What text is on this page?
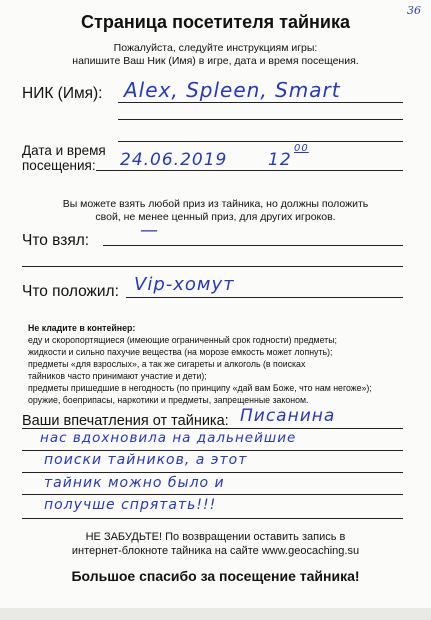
36
Страница посетителя тайника
Пожалуйста, следуйте инструкциям игры:
напишите Ваш Ник (Имя) в игре, дата и время посещения.
НИК (Имя): Alex, Spleen, Smart
Дата и время
посещения: 24.06.2019 12
00
Вы можете взять любой приз из тайника, но должны положить
свой, не менее ценный приз, для других игроков.
Что взял:	—
Что положил: Vip-хомут
Не кладите в контейнер:
еду и скоропортящиеся (имеющие ограниченный срок годности) предметы;
жидкости и сильно пахучие вещества (на морозе емкость может лопнуть);
предметы «для взрослых», а так же сигареты и алкоголь (в поисках
тайников часто принимают участие и дети);
предметы пришедшие в негодность (по принципу «дай вам Боже, что нам негоже»);
оружие, боеприпасы, наркотики и предметы, запрещенные законом.
Ваши впечатления от тайника: Писанина
нас вдохновила на дальнейшие
поиски тайников, а этот
тайник можно было и
получше спрятать!!!
НЕ ЗАБУДЬТЕ! По возвращении оставить запись в
интернет-блокноте тайника на сайте www.geocaching.su
Большое спасибо за посещение тайника!
